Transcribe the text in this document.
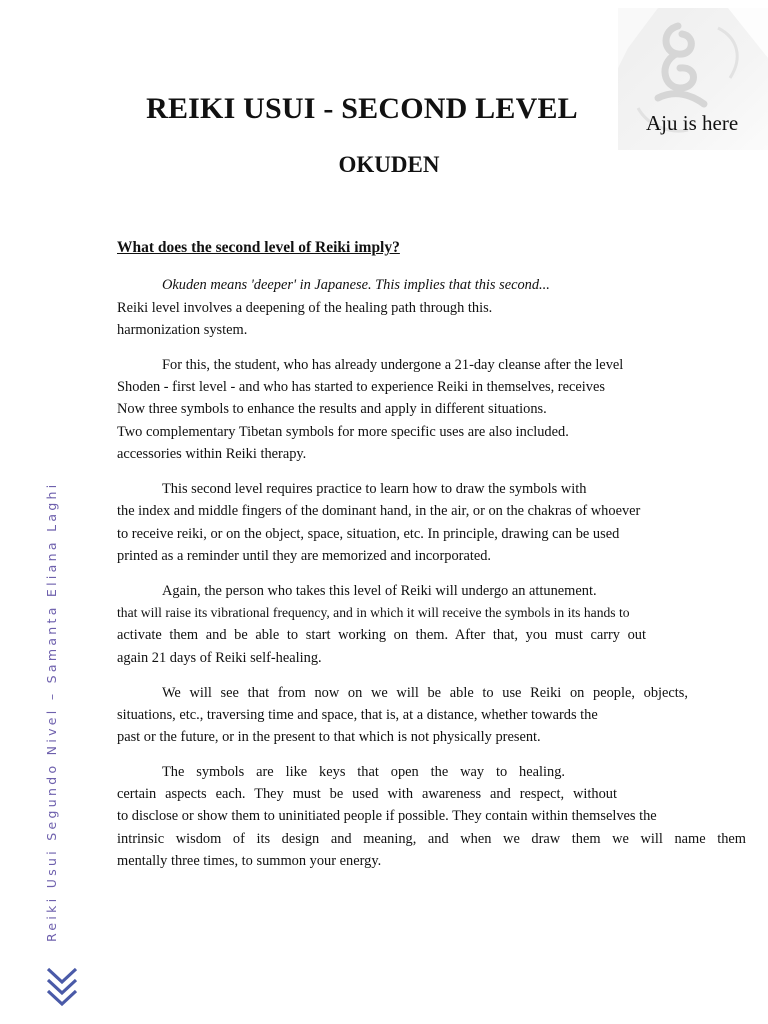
Aju is here
REIKI USUI - SECOND LEVEL
OKUDEN
What does the second level of Reiki imply?
Okuden means 'deeper' in Japanese. This implies that this second...
Reiki level involves a deepening of the healing path through this.
harmonization system.
For this, the student, who has already undergone a 21-day cleanse after the level
Shoden - first level - and who has started to experience Reiki in themselves, receives
Now three symbols to enhance the results and apply in different situations.
Two complementary Tibetan symbols for more specific uses are also included.
accessories within Reiki therapy.
This second level requires practice to learn how to draw the symbols with
the index and middle fingers of the dominant hand, in the air, or on the chakras of whoever
to receive reiki, or on the object, space, situation, etc. In principle, drawing can be used
printed as a reminder until they are memorized and incorporated.
Again, the person who takes this level of Reiki will undergo an attunement.
that will raise its vibrational frequency, and in which it will receive the symbols in its hands to
activate them and be able to start working on them. After that, you must carry out
again 21 days of Reiki self-healing.
We will see that from now on we will be able to use Reiki on people, objects,
situations, etc., traversing time and space, that is, at a distance, whether towards the
past or the future, or in the present to that which is not physically present.
The symbols are like keys that open the way to healing.
certain aspects each. They must be used with awareness and respect, without
to disclose or show them to uninitiated people if possible. They contain within themselves the
intrinsic wisdom of its design and meaning, and when we draw them we will name them
mentally three times, to summon your energy.
Reiki Usui Segundo Nivel – Samanta Eliana Laghi
